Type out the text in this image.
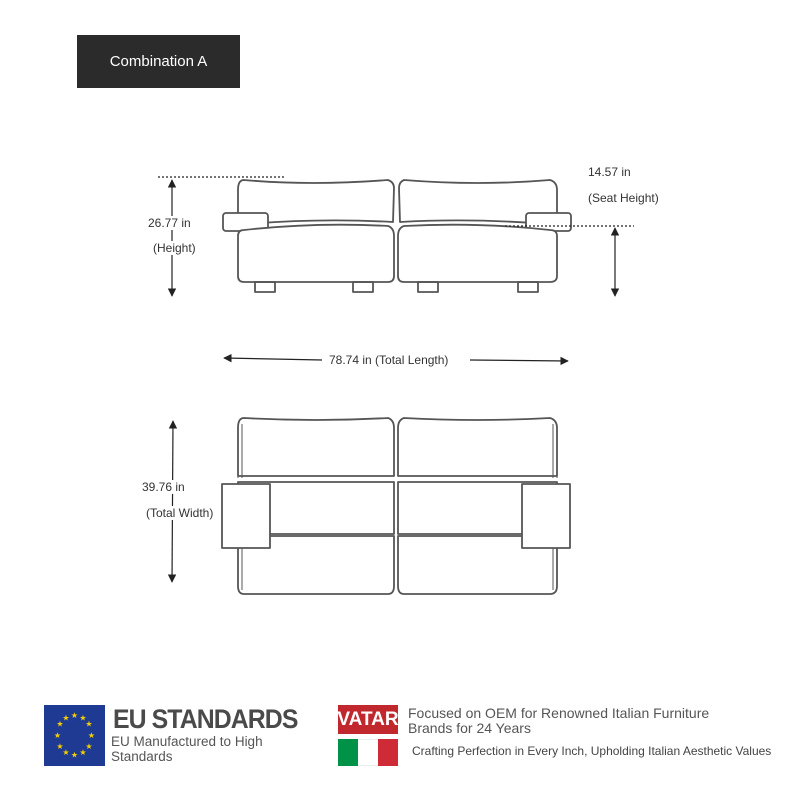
Combination A
26.77 in
(Height)
14.57 in
(Seat Height)
78.74 in (Total Length)
39.76 in
(Total Width)
★ ★
★
★
★
★
★
★
★
★
★
★ EU STANDARDS
EU Manufactured to High Standards
VATAR Focused on OEM for Renowned Italian Furniture Brands for 24 Years
Crafting Perfection in Every Inch, Upholding Italian Aesthetic Values
